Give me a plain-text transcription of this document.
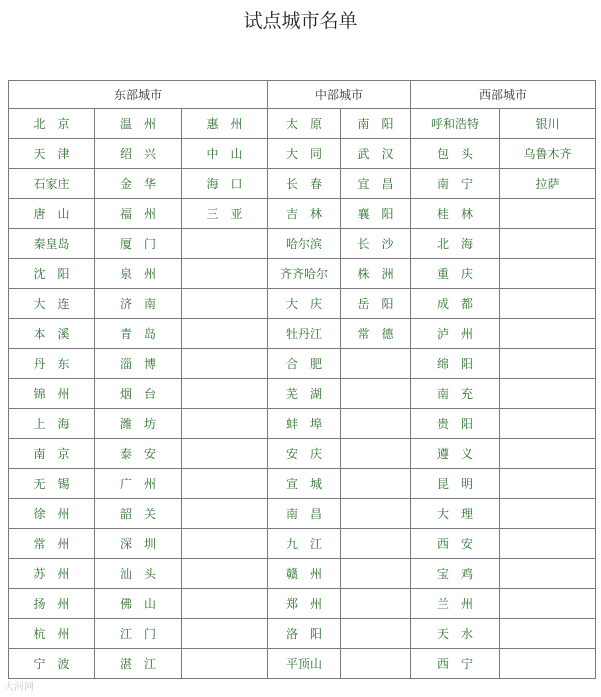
试点城市名单
东部城市			中部城市		西部城市	
北　京	温　州	惠　州	太　原	南　阳	呼和浩特	银川
天　津	绍　兴	中　山	大　同	武　汉	包　头	乌鲁木齐
石家庄	金　华	海　口	长　春	宜　昌	南　宁	拉萨
唐　山	福　州	三　亚	吉　林	襄　阳	桂　林	
秦皇岛	厦　门		哈尔滨	长　沙	北　海	
沈　阳	泉　州		齐齐哈尔	株　洲	重　庆	
大　连	济　南		大　庆	岳　阳	成　都	
本　溪	青　岛		牡丹江	常　德	泸　州	
丹　东	淄　博		合　肥		绵　阳	
锦　州	烟　台		芜　湖		南　充	
上　海	潍　坊		蚌　埠		贵　阳	
南　京	泰　安		安　庆		遵　义	
无　锡	广　州		宣　城		昆　明	
徐　州	韶　关		南　昌		大　理	
常　州	深　圳		九　江		西　安	
苏　州	汕　头		赣　州		宝　鸡	
扬　州	佛　山		郑　州		兰　州	
杭　州	江　门		洛　阳		天　水	
宁　波	湛　江		平顶山		西　宁	
大河网
